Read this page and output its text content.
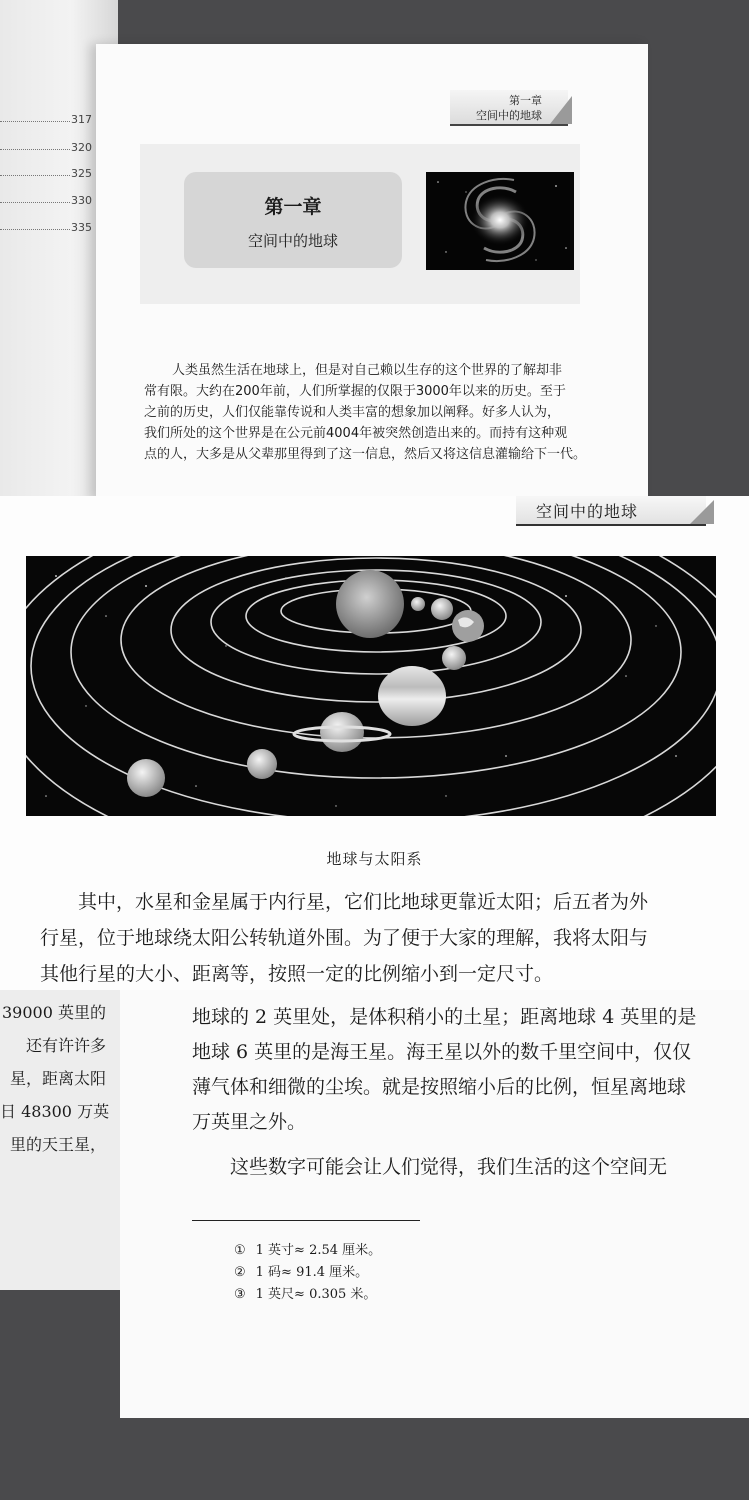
317
320
325
330
335
第一章
空间中的地球
第一章
空间中的地球

人类虽然生活在地球上，但是对自己赖以生存的这个世界的了解却非

常有限。大约在200年前，人们所掌握的仅限于3000年以来的历史。至于

之前的历史，人们仅能靠传说和人类丰富的想象加以阐释。好多人认为，

我们所处的这个世界是在公元前4004年被突然创造出来的。而持有这种观

点的人，大多是从父辈那里得到了这一信息，然后又将这信息灌输给下一代。

空间中的地球
地球与太阳系

　　其中，水星和金星属于内行星，它们比地球更靠近太阳；后五者为外

行星，位于地球绕太阳公转轨道外围。为了便于大家的理解，我将太阳与

其他行星的大小、距离等，按照一定的比例缩小到一定尺寸。

39000 英里的
还有许许多
星，距离太阳
日 48300 万英
里的天王星，
地球的 2 英里处，是体积稍小的土星；距离地球 4 英里的是
地球 6 英里的是海王星。海王星以外的数千里空间中，仅仅
薄气体和细微的尘埃。就是按照缩小后的比例，恒星离地球
万英里之外。
　　这些数字可能会让人们觉得，我们生活的这个空间无
① 1 英寸≈ 2.54 厘米。
② 1 码≈ 91.4 厘米。
③ 1 英尺≈ 0.305 米。
